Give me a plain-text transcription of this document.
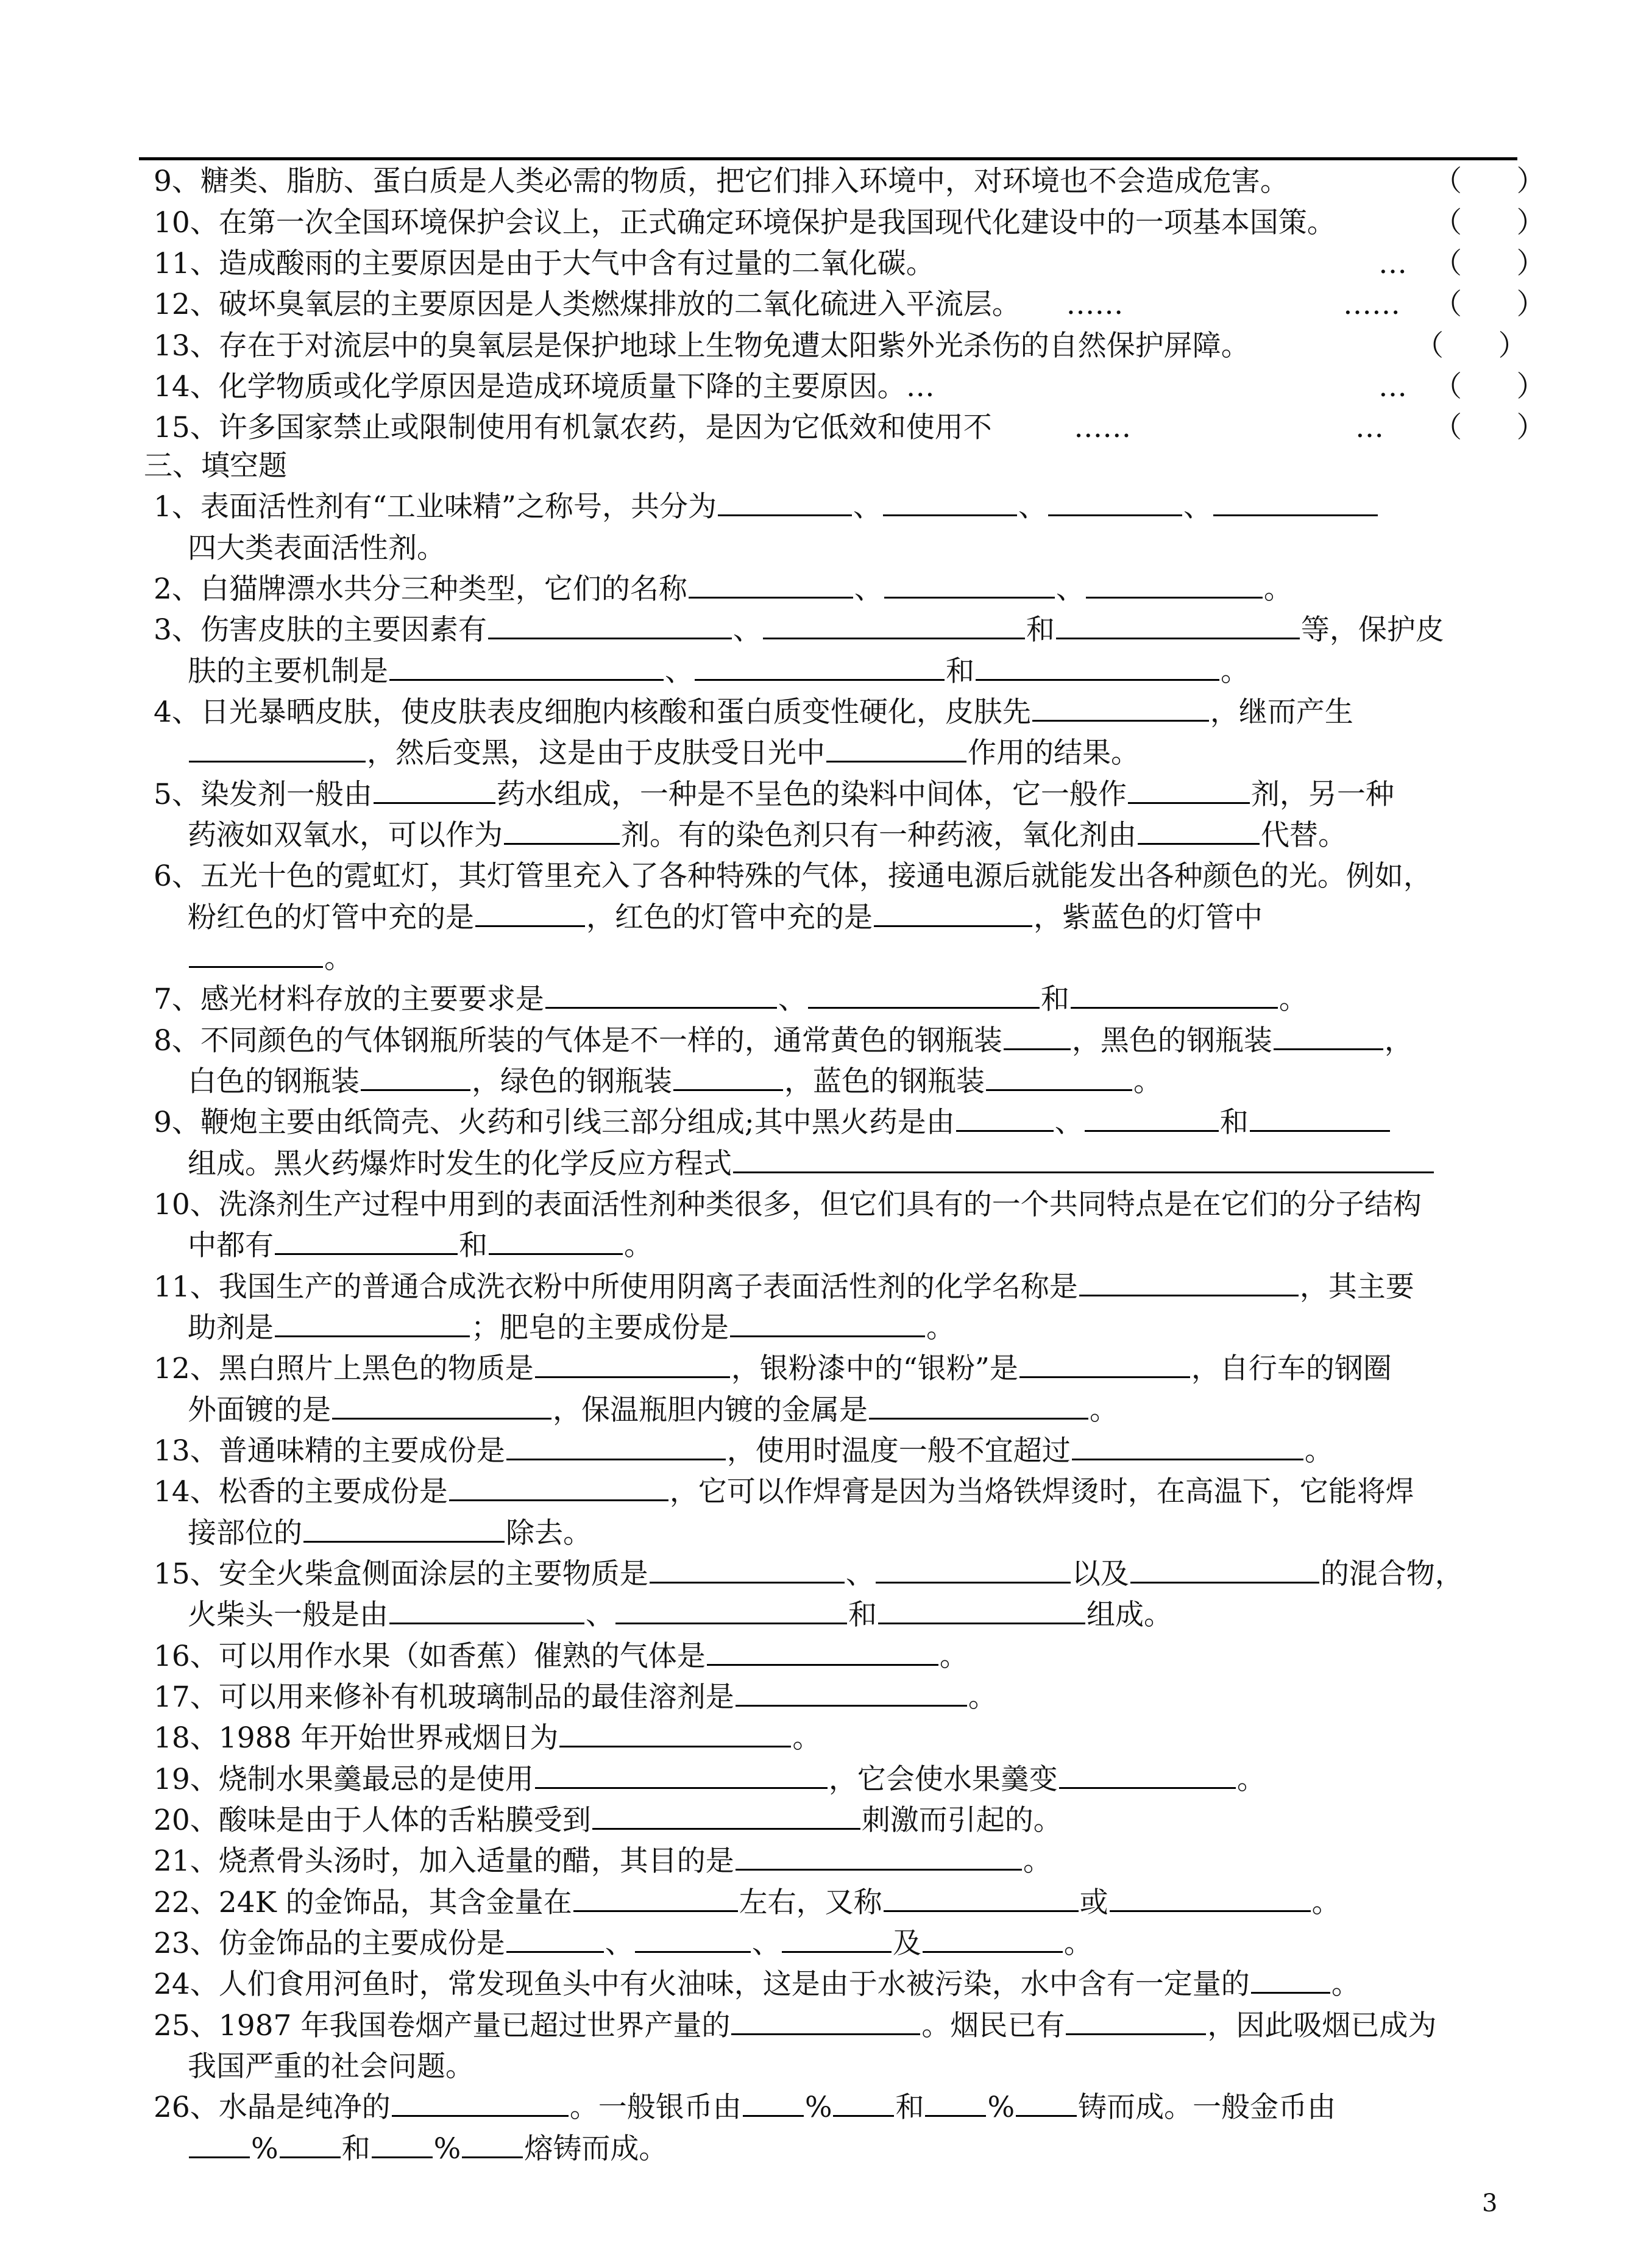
9、糖类、脂肪、蛋白质是人类必需的物质，把它们排入环境中，对环境也不会造成危害。	（      ）
10、在第一次全国环境保护会议上，正式确定环境保护是我国现代化建设中的一项基本国策。	（      ）
11、造成酸雨的主要原因是由于大气中含有过量的二氧化碳。	… （      ）
12、破坏臭氧层的主要原因是人类燃煤排放的二氧化硫进入平流层。     ……	…… （      ）
13、存在于对流层中的臭氧层是保护地球上生物免遭太阳紫外光杀伤的自然保护屏障。	（      ）
14、化学物质或化学原因是造成环境质量下降的主要原因。…	… （      ）
15、许多国家禁止或限制使用有机氯农药，是因为它低效和使用不         ……	… （      ）
三、填空题
1、表面活性剂有“工业味精”之称号，共分为	、	、	、
四大类表面活性剂。
2、白猫牌漂水共分三种类型，它们的名称	、	、	。
3、伤害皮肤的主要因素有	、	和	等，保护皮
肤的主要机制是	、	和	。
4、日光暴晒皮肤，使皮肤表皮细胞内核酸和蛋白质变性硬化，皮肤先	，继而产生
，然后变黑，这是由于皮肤受日光中	作用的结果。
5、染发剂一般由	药水组成，一种是不呈色的染料中间体，它一般作	剂，另一种
药液如双氧水，可以作为	剂。有的染色剂只有一种药液，氧化剂由	代替。
6、五光十色的霓虹灯，其灯管里充入了各种特殊的气体，接通电源后就能发出各种颜色的光。例如，
粉红色的灯管中充的是	，红色的灯管中充的是	，紫蓝色的灯管中
。
7、感光材料存放的主要要求是	、	和	。
8、不同颜色的气体钢瓶所装的气体是不一样的，通常黄色的钢瓶装 ，黑色的钢瓶装	，
白色的钢瓶装	，绿色的钢瓶装	，蓝色的钢瓶装	。
9、鞭炮主要由纸筒壳、火药和引线三部分组成;其中黑火药是由	、	和
组成。黑火药爆炸时发生的化学反应方程式
10、洗涤剂生产过程中用到的表面活性剂种类很多，但它们具有的一个共同特点是在它们的分子结构
中都有	和	。
11、我国生产的普通合成洗衣粉中所使用阴离子表面活性剂的化学名称是	，其主要
助剂是	；肥皂的主要成份是	。
12、黑白照片上黑色的物质是	，银粉漆中的“银粉”是	，自行车的钢圈
外面镀的是	，保温瓶胆内镀的金属是	。
13、普通味精的主要成份是	，使用时温度一般不宜超过	。
14、松香的主要成份是	，它可以作焊膏是因为当烙铁焊烫时，在高温下，它能将焊
接部位的	除去。
15、安全火柴盒侧面涂层的主要物质是	、	以及	的混合物，
火柴头一般是由	、	和	组成。
16、可以用作水果（如香蕉）催熟的气体是	。
17、可以用来修补有机玻璃制品的最佳溶剂是	。
18、1988 年开始世界戒烟日为	。
19、烧制水果羹最忌的是使用	，它会使水果羹变	。
20、酸味是由于人体的舌粘膜受到	刺激而引起的。
21、烧煮骨头汤时，加入适量的醋，其目的是	。
22、24K 的金饰品，其含金量在	左右，又称	或	。
23、仿金饰品的主要成份是	、	、	及	。
24、人们食用河鱼时，常发现鱼头中有火油味，这是由于水被污染，水中含有一定量的	。
25、1987 年我国卷烟产量已超过世界产量的	。烟民已有	，因此吸烟已成为
我国严重的社会问题。
26、水晶是纯净的	。一般银币由 % 和 % 铸而成。一般金币由
% 和 % 熔铸而成。
3
